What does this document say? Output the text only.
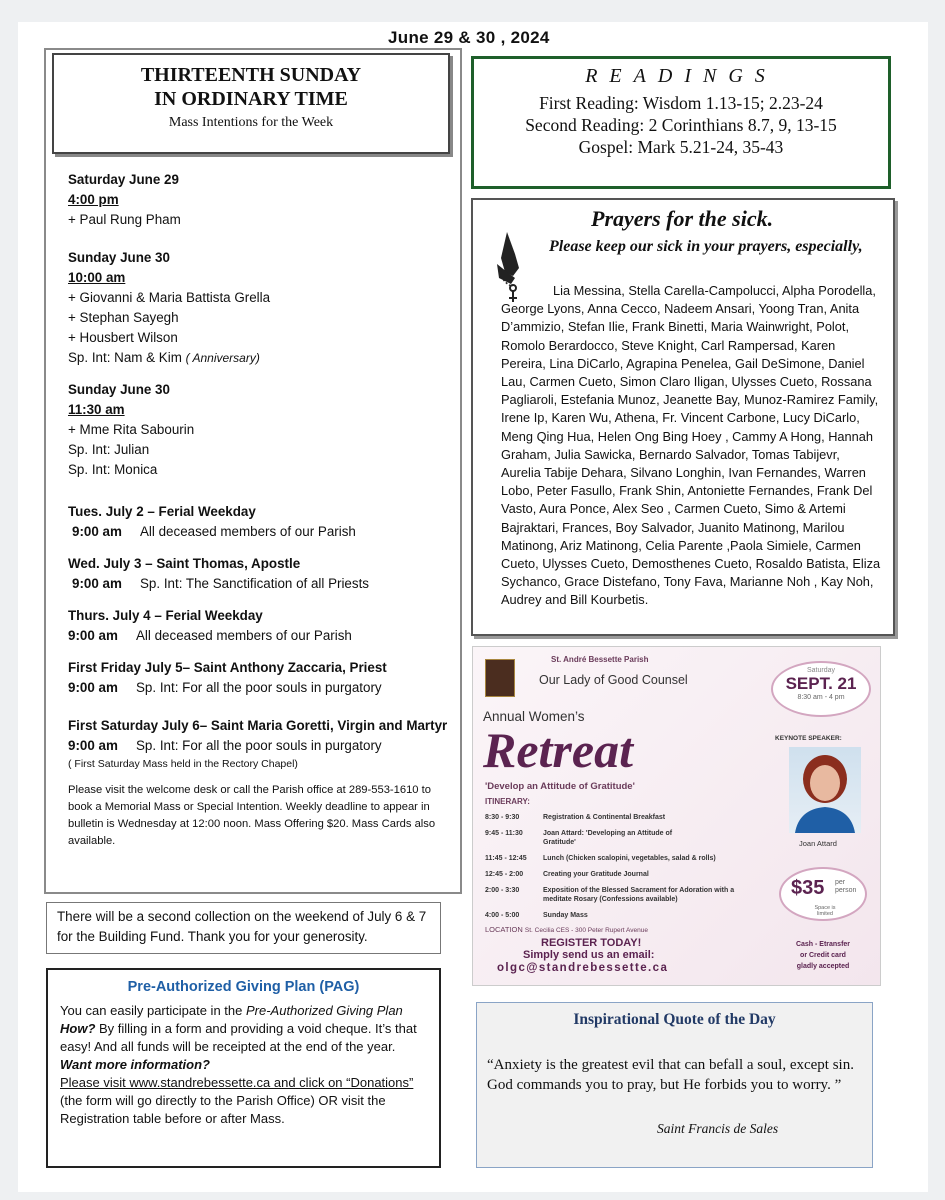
June 29 & 30 , 2024
THIRTEENTH SUNDAY
IN ORDINARY TIME
Mass Intentions for the Week
Saturday June 29
4:00 pm
+ Paul Rung Pham
Sunday June 30
10:00 am
+ Giovanni & Maria Battista Grella
+ Stephan Sayegh
+ Housbert Wilson
Sp. Int: Nam & Kim ( Anniversary)
Sunday June 30
11:30 am
+ Mme Rita Sabourin
Sp. Int: Julian
Sp. Int: Monica
Tues. July 2 – Ferial Weekday
9:00 am	All deceased members of our Parish
Wed. July 3 – Saint Thomas, Apostle
9:00 am	Sp. Int: The Sanctification of all Priests
Thurs. July 4 – Ferial Weekday
9:00 am	All deceased members of our Parish
First Friday July 5– Saint Anthony Zaccaria, Priest
9:00 am	Sp. Int: For all the poor souls in purgatory
First Saturday July 6– Saint Maria Goretti, Virgin and Martyr
9:00 am	Sp. Int: For all the poor souls in purgatory
( First Saturday Mass held in the Rectory Chapel)
Please visit the welcome desk or call the Parish office at 289-553-1610 to book a Memorial Mass or Special Intention. Weekly deadline to appear in bulletin is Wednesday at 12:00 noon. Mass Offering $20. Mass Cards also available.
There will be a second collection on the weekend of July 6 & 7 for the Building Fund. Thank you for your generosity.
Pre-Authorized Giving Plan (PAG)
You can easily participate in the Pre-Authorized Giving Plan
How? By filling in a form and providing a void cheque. It’s that easy! And all funds will be receipted at the end of the year.
Want more information?
Please visit www.standrebessette.ca and click on “Donations” (the form will go directly to the Parish Office) OR visit the Registration table before or after Mass.
READINGS
First Reading: Wisdom 1.13-15; 2.23-24
Second Reading: 2 Corinthians 8.7, 9, 13-15
Gospel: Mark 5.21-24, 35-43
Prayers for the sick.
Please keep our sick in your prayers, especially,
Lia Messina, Stella Carella-Campolucci, Alpha Porodella, George Lyons, Anna Cecco, Nadeem Ansari, Yoong Tran, Anita D’ammizio, Stefan Ilie, Frank Binetti, Maria Wainwright, Polot, Romolo Berardocco, Steve Knight, Carl Rampersad, Karen Pereira, Lina DiCarlo, Agrapina Penelea, Gail DeSimone, Daniel Lau, Carmen Cueto, Simon Claro Iligan, Ulysses Cueto, Rossana Pagliaroli, Estefania Munoz, Jeanette Bay, Munoz-Ramirez Family, Irene Ip, Karen Wu, Athena, Fr. Vincent Carbone, Lucy DiCarlo, Meng Qing Hua, Helen Ong Bing Hoey , Cammy A Hong, Hannah Graham, Julia Sawicka, Bernardo Salvador, Tomas Tabijevr, Aurelia Tabije Dehara, Silvano Longhin, Ivan Fernandes, Warren Lobo, Peter Fasullo, Frank Shin, Antoniette Fernandes, Frank Del Vasto, Aura Ponce, Alex Seo , Carmen Cueto, Simo & Artemi Bajraktari, Frances, Boy Salvador, Juanito Matinong, Marilou Matinong, Ariz Matinong, Celia Parente ,Paola Simiele, Carmen Cueto, Ulysses Cueto, Demosthenes Cueto, Rosaldo Batista, Eliza Sychanco, Grace Distefano, Tony Fava, Marianne Noh , Kay Noh, Audrey and Bill Kourbetis.
St. André Bessette Parish
Our Lady of Good Counsel
Annual Women’s
Retreat
'Develop an Attitude of Gratitude'
ITINERARY:
8:30 - 9:30	Registration & Continental Breakfast
9:45 - 11:30	Joan Attard: 'Developing an Attitude of Gratitude'
11:45 - 12:45	Lunch (Chicken scalopini, vegetables, salad & rolls)
12:45 - 2:00	Creating your Gratitude Journal
2:00 - 3:30	Exposition of the Blessed Sacrament for Adoration with a meditate Rosary (Confessions available)
4:00 - 5:00	Sunday Mass
LOCATION St. Cecilia CES - 300 Peter Rupert Avenue
REGISTER TODAY!
Simply send us an email:
olgc@standrebessette.ca
Saturday
SEPT. 21
8:30 am - 4 pm
KEYNOTE SPEAKER:
Joan Attard
$35 per
person
Space is limited
Cash - Etransfer
or Credit card
gladly accepted
Inspirational Quote of the Day
“Anxiety is the greatest evil that can befall a soul, except sin. God commands you to pray, but He forbids you to worry. ”
Saint Francis de Sales
